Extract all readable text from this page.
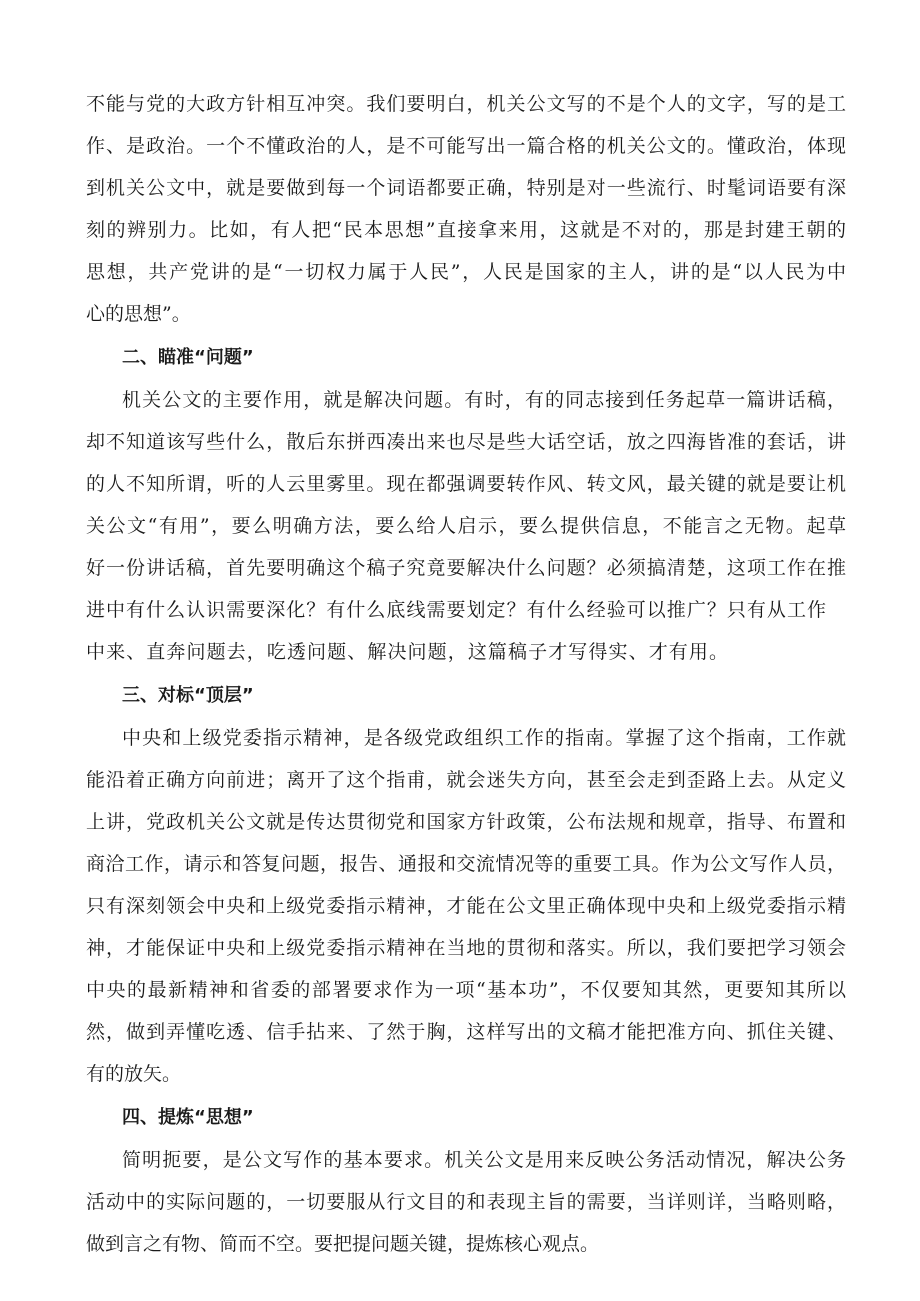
不能与党的大政方针相互冲突。我们要明白，机关公文写的不是个人的文字，写的是工
作、是政治。一个不懂政治的人，是不可能写出一篇合格的机关公文的。懂政治，体现
到机关公文中，就是要做到每一个词语都要正确，特别是对一些流行、时髦词语要有深
刻的辨别力。比如，有人把“民本思想”直接拿来用，这就是不对的，那是封建王朝的
思想，共产党讲的是“一切权力属于人民”，人民是国家的主人，讲的是“以人民为中
心的思想”。
二、瞄准“问题”
机关公文的主要作用，就是解决问题。有时，有的同志接到任务起草一篇讲话稿，
却不知道该写些什么，散后东拼西凑出来也尽是些大话空话，放之四海皆准的套话，讲
的人不知所谓，听的人云里雾里。现在都强调要转作风、转文风，最关键的就是要让机
关公文“有用”，要么明确方法，要么给人启示，要么提供信息，不能言之无物。起草
好一份讲话稿，首先要明确这个稿子究竟要解决什么问题？必须搞清楚，这项工作在推
进中有什么认识需要深化？有什么底线需要划定？有什么经验可以推广？只有从工作
中来、直奔问题去，吃透问题、解决问题，这篇稿子才写得实、才有用。
三、对标“顶层”
中央和上级党委指示精神，是各级党政组织工作的指南。掌握了这个指南，工作就
能沿着正确方向前进；离开了这个指甫，就会迷失方向，甚至会走到歪路上去。从定义
上讲，党政机关公文就是传达贯彻党和国家方针政策，公布法规和规章，指导、布置和
商洽工作，请示和答复问题，报告、通报和交流情况等的重要工具。作为公文写作人员，
只有深刻领会中央和上级党委指示精神，才能在公文里正确体现中央和上级党委指示精
神，才能保证中央和上级党委指示精神在当地的贯彻和落实。所以，我们要把学习领会
中央的最新精神和省委的部署要求作为一项“基本功”，不仅要知其然，更要知其所以
然，做到弄懂吃透、信手拈来、了然于胸，这样写出的文稿才能把准方向、抓住关键、
有的放矢。
四、提炼“思想”
简明扼要，是公文写作的基本要求。机关公文是用来反映公务活动情况，解决公务
活动中的实际问题的，一切要服从行文目的和表现主旨的需要，当详则详，当略则略，
做到言之有物、简而不空。要把提问题关键，提炼核心观点。
